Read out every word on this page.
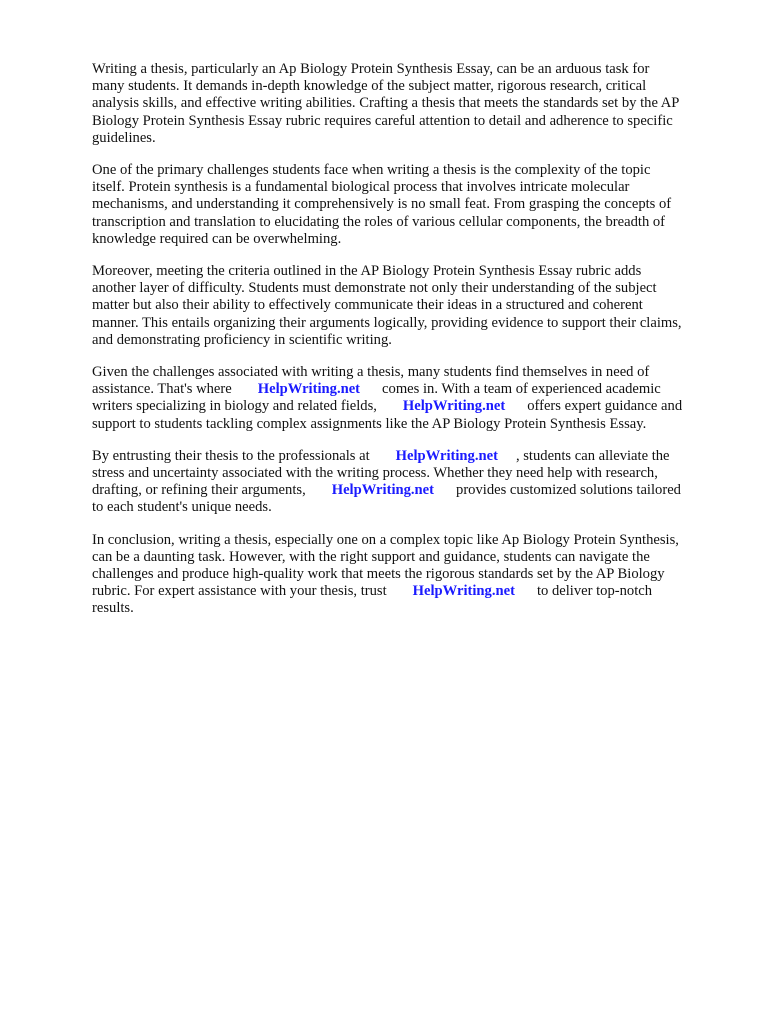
Writing a thesis, particularly an Ap Biology Protein Synthesis Essay, can be an arduous task for
many students. It demands in-depth knowledge of the subject matter, rigorous research, critical
analysis skills, and effective writing abilities. Crafting a thesis that meets the standards set by the AP
Biology Protein Synthesis Essay rubric requires careful attention to detail and adherence to specific
guidelines.

One of the primary challenges students face when writing a thesis is the complexity of the topic
itself. Protein synthesis is a fundamental biological process that involves intricate molecular
mechanisms, and understanding it comprehensively is no small feat. From grasping the concepts of
transcription and translation to elucidating the roles of various cellular components, the breadth of
knowledge required can be overwhelming.

Moreover, meeting the criteria outlined in the AP Biology Protein Synthesis Essay rubric adds
another layer of difficulty. Students must demonstrate not only their understanding of the subject
matter but also their ability to effectively communicate their ideas in a structured and coherent
manner. This entails organizing their arguments logically, providing evidence to support their claims,
and demonstrating proficiency in scientific writing.

Given the challenges associated with writing a thesis, many students find themselves in need of
assistance. That's where HelpWriting.net comes in. With a team of experienced academic
writers specializing in biology and related fields, HelpWriting.net offers expert guidance and
support to students tackling complex assignments like the AP Biology Protein Synthesis Essay.

By entrusting their thesis to the professionals at HelpWriting.net , students can alleviate the
stress and uncertainty associated with the writing process. Whether they need help with research,
drafting, or refining their arguments, HelpWriting.net provides customized solutions tailored
to each student's unique needs.

In conclusion, writing a thesis, especially one on a complex topic like Ap Biology Protein Synthesis,
can be a daunting task. However, with the right support and guidance, students can navigate the
challenges and produce high-quality work that meets the rigorous standards set by the AP Biology
rubric. For expert assistance with your thesis, trust HelpWriting.net to deliver top-notch
results.
